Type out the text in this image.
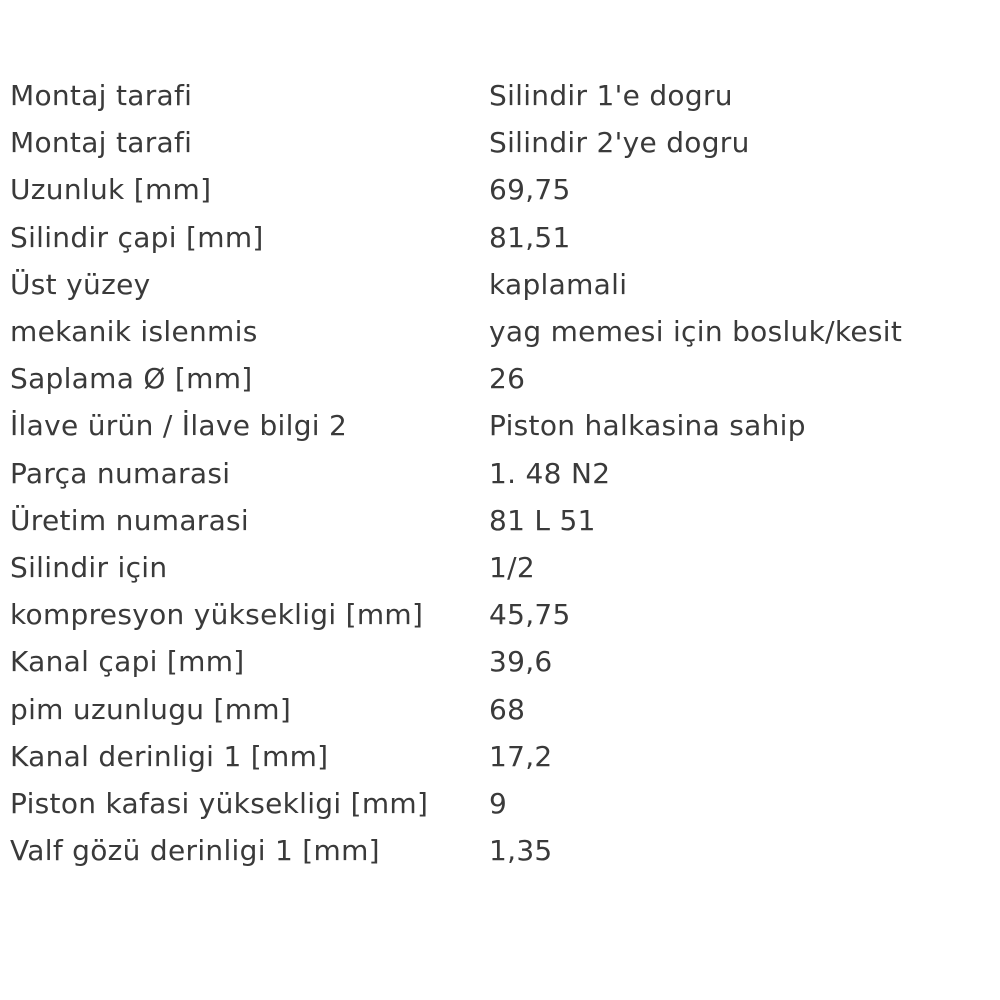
Montaj tarafi	Silindir 1'e dogru
Montaj tarafi	Silindir 2'ye dogru
Uzunluk [mm]	69,75
Silindir çapi [mm]	81,51
Üst yüzey	kaplamali
mekanik islenmis	yag memesi için bosluk/kesit
Saplama Ø [mm]	26
İlave ürün / İlave bilgi 2	Piston halkasina sahip
Parça numarasi	1. 48 N2
Üretim numarasi	81 L 51
Silindir için	1/2
kompresyon yüksekligi [mm]	45,75
Kanal çapi [mm]	39,6
pim uzunlugu [mm]	68
Kanal derinligi 1 [mm]	17,2
Piston kafasi yüksekligi [mm]	9
Valf gözü derinligi 1 [mm]	1,35
